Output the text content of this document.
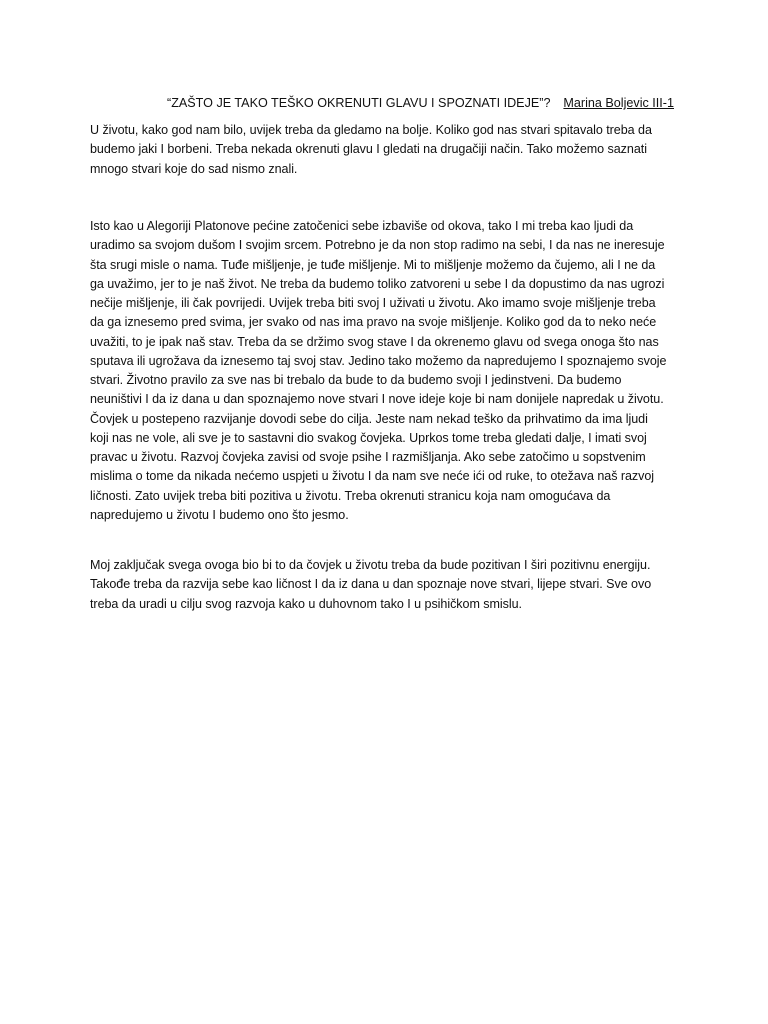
“ZAŠTO JE TAKO TEŠKO OKRENUTI GLAVU I SPOZNATI IDEJE”? Marina Boljevic III-1

U životu, kako god nam bilo, uvijek treba da gledamo na bolje. Koliko god nas stvari spitavalo treba da
budemo jaki I borbeni. Treba nekada okrenuti glavu I gledati na drugačiji način. Tako možemo saznati
mnogo stvari koje do sad nismo znali.

Isto kao u Alegoriji Platonove pećine zatočenici sebe izbaviše od okova, tako I mi treba kao ljudi da
uradimo sa svojom dušom I svojim srcem. Potrebno je da non stop radimo na sebi, I da nas ne ineresuje
šta srugi misle o nama. Tuđe mišljenje, je tuđe mišljenje. Mi to mišljenje možemo da čujemo, ali I ne da
ga uvažimo, jer to je naš život. Ne treba da budemo toliko zatvoreni u sebe I da dopustimo da nas ugrozi
nečije mišljenje, ili čak povrijedi. Uvijek treba biti svoj I uživati u životu. Ako imamo svoje mišljenje treba
da ga iznesemo pred svima, jer svako od nas ima pravo na svoje mišljenje. Koliko god da to neko neće
uvažiti, to je ipak naš stav. Treba da se držimo svog stave I da okrenemo glavu od svega onoga što nas
sputava ili ugrožava da iznesemo taj svoj stav. Jedino tako možemo da napredujemo I spoznajemo svoje
stvari. Životno pravilo za sve nas bi trebalo da bude to da budemo svoji I jedinstveni. Da budemo
neuništivi I da iz dana u dan spoznajemo nove stvari I nove ideje koje bi nam donijele napredak u životu.
Čovjek u postepeno razvijanje dovodi sebe do cilja. Jeste nam nekad teško da prihvatimo da ima ljudi
koji nas ne vole, ali sve je to sastavni dio svakog čovjeka. Uprkos tome treba gledati dalje, I imati svoj
pravac u životu. Razvoj čovjeka zavisi od svoje psihe I razmišljanja. Ako sebe zatočimo u sopstvenim
mislima o tome da nikada nećemo uspjeti u životu I da nam sve neće ići od ruke, to otežava naš razvoj
ličnosti. Zato uvijek treba biti pozitiva u životu. Treba okrenuti stranicu koja nam omogućava da
napredujemo u životu I budemo ono što jesmo.

Moj zaključak svega ovoga bio bi to da čovjek u životu treba da bude pozitivan I širi pozitivnu energiju.
Takođe treba da razvija sebe kao ličnost I da iz dana u dan spoznaje nove stvari, lijepe stvari. Sve ovo
treba da uradi u cilju svog razvoja kako u duhovnom tako I u psihičkom smislu.
